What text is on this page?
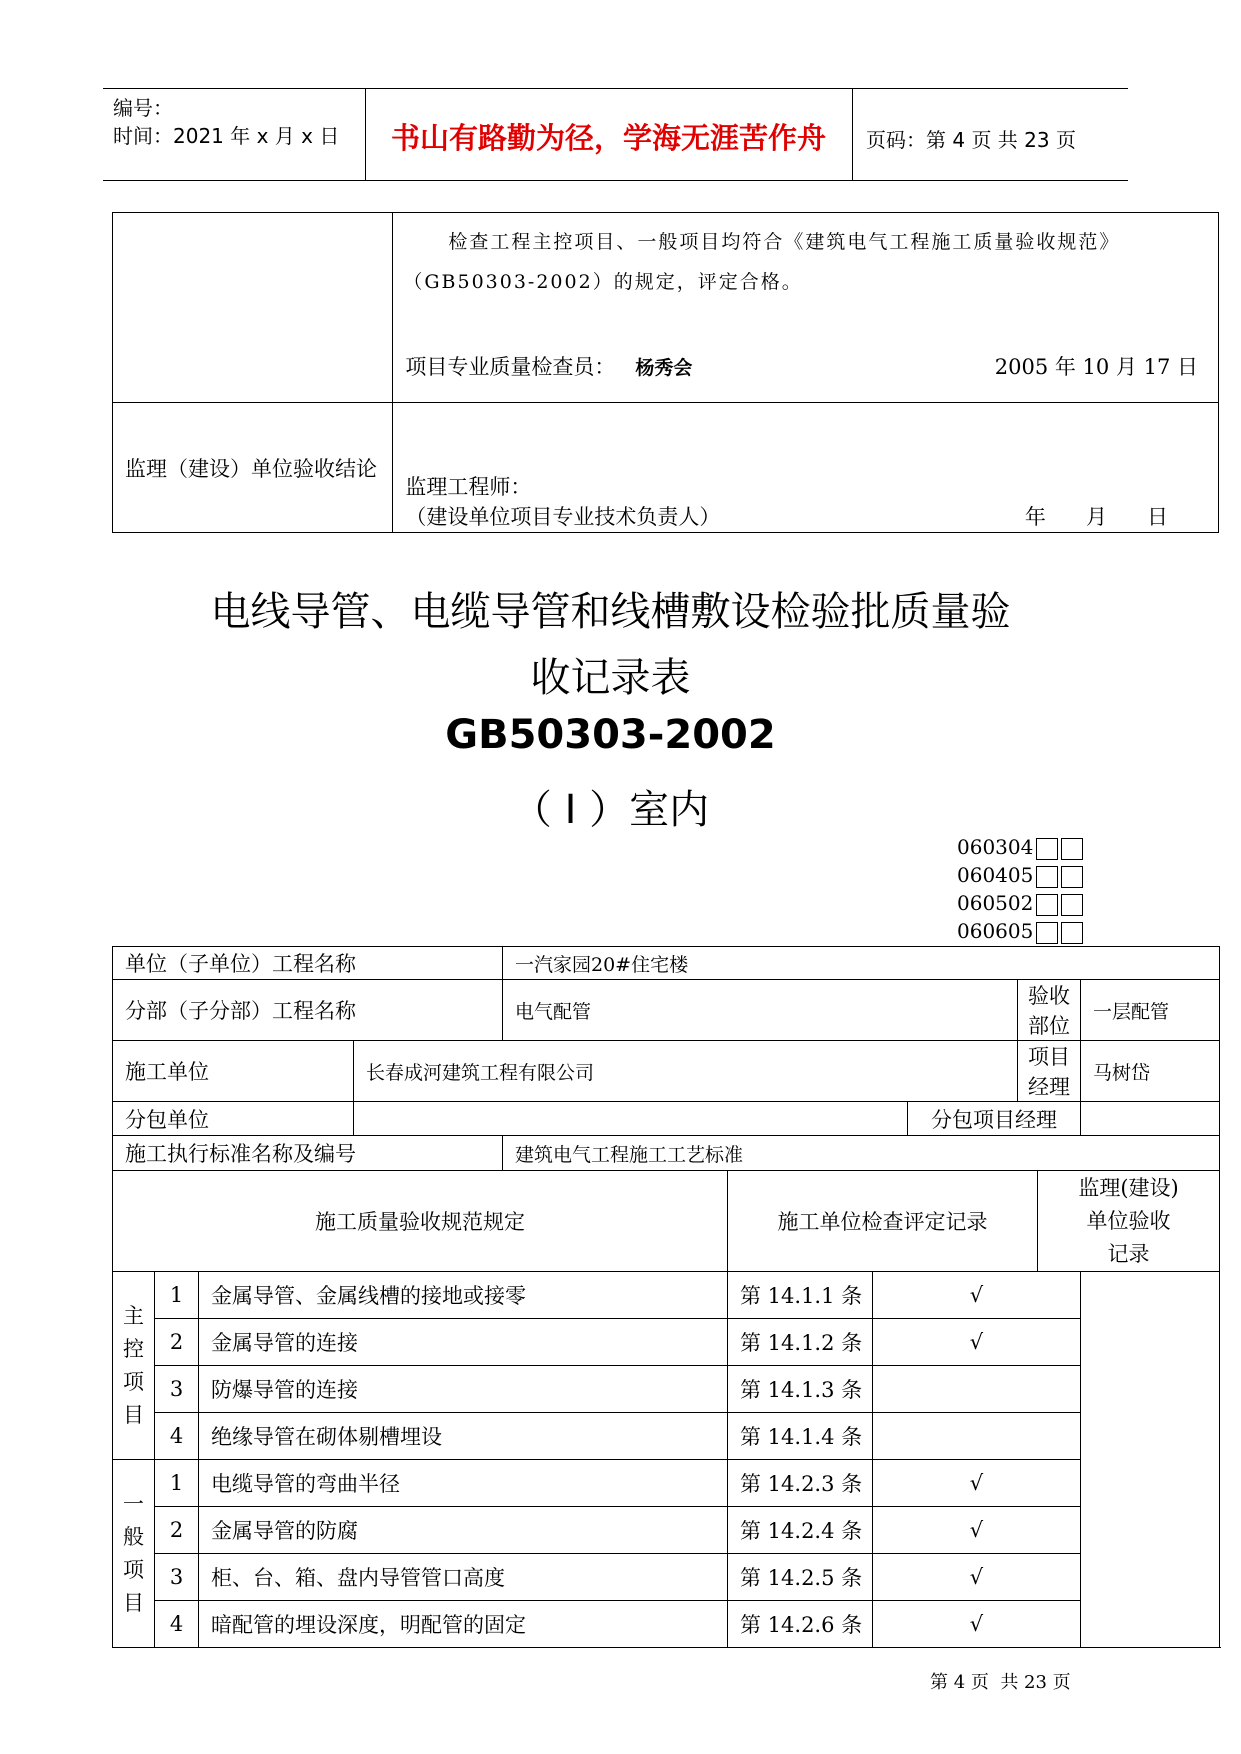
编号：
时间：2021 年 x 月 x 日	书山有路勤为径，学海无涯苦作舟	页码：第 4 页 共 23 页

	检查工程主控项目、一般项目均符合《建筑电气工程施工质量验收规范》
（GB50303-2002）的规定，评定合格。
项目专业质量检查员： 杨秀会 2005 年 10 月 17 日

监理（建设）单位验收结论	监理工程师：
（建设单位项目专业技术负责人） 年      月      日
电线导管、电缆导管和线槽敷设检验批质量验
收记录表
GB50303-2002
（ I ）室内
060304
060405
060502
060605
单位（子单位）工程名称				一汽家园20#住宅楼						
分部（子分部）工程名称				电气配管				验收部位		一层配管
施工单位			长春成河建筑工程有限公司					项目经理		马树岱
分包单位							分包项目经理			
施工执行标准名称及编号				建筑电气工程施工工艺标准						
施工质量验收规范规定					施工单位检查评定记录				监理(建设)
单位验收
记录	

主
控
项
目	1	金属导管、金属线槽的接地或接零			第 14.1.1 条	√				
	2	金属导管的连接			第 14.1.2 条	√				
	3	防爆导管的连接			第 14.1.3 条					
	4	绝缘导管在砌体剔槽埋设			第 14.1.4 条					

一
般
项
目	1	电缆导管的弯曲半径			第 14.2.3 条	√				
	2	金属导管的防腐			第 14.2.4 条	√				
	3	柜、台、箱、盘内导管管口高度			第 14.2.5 条	√				
	4	暗配管的埋设深度，明配管的固定			第 14.2.6 条	√				
第 4 页  共 23 页
